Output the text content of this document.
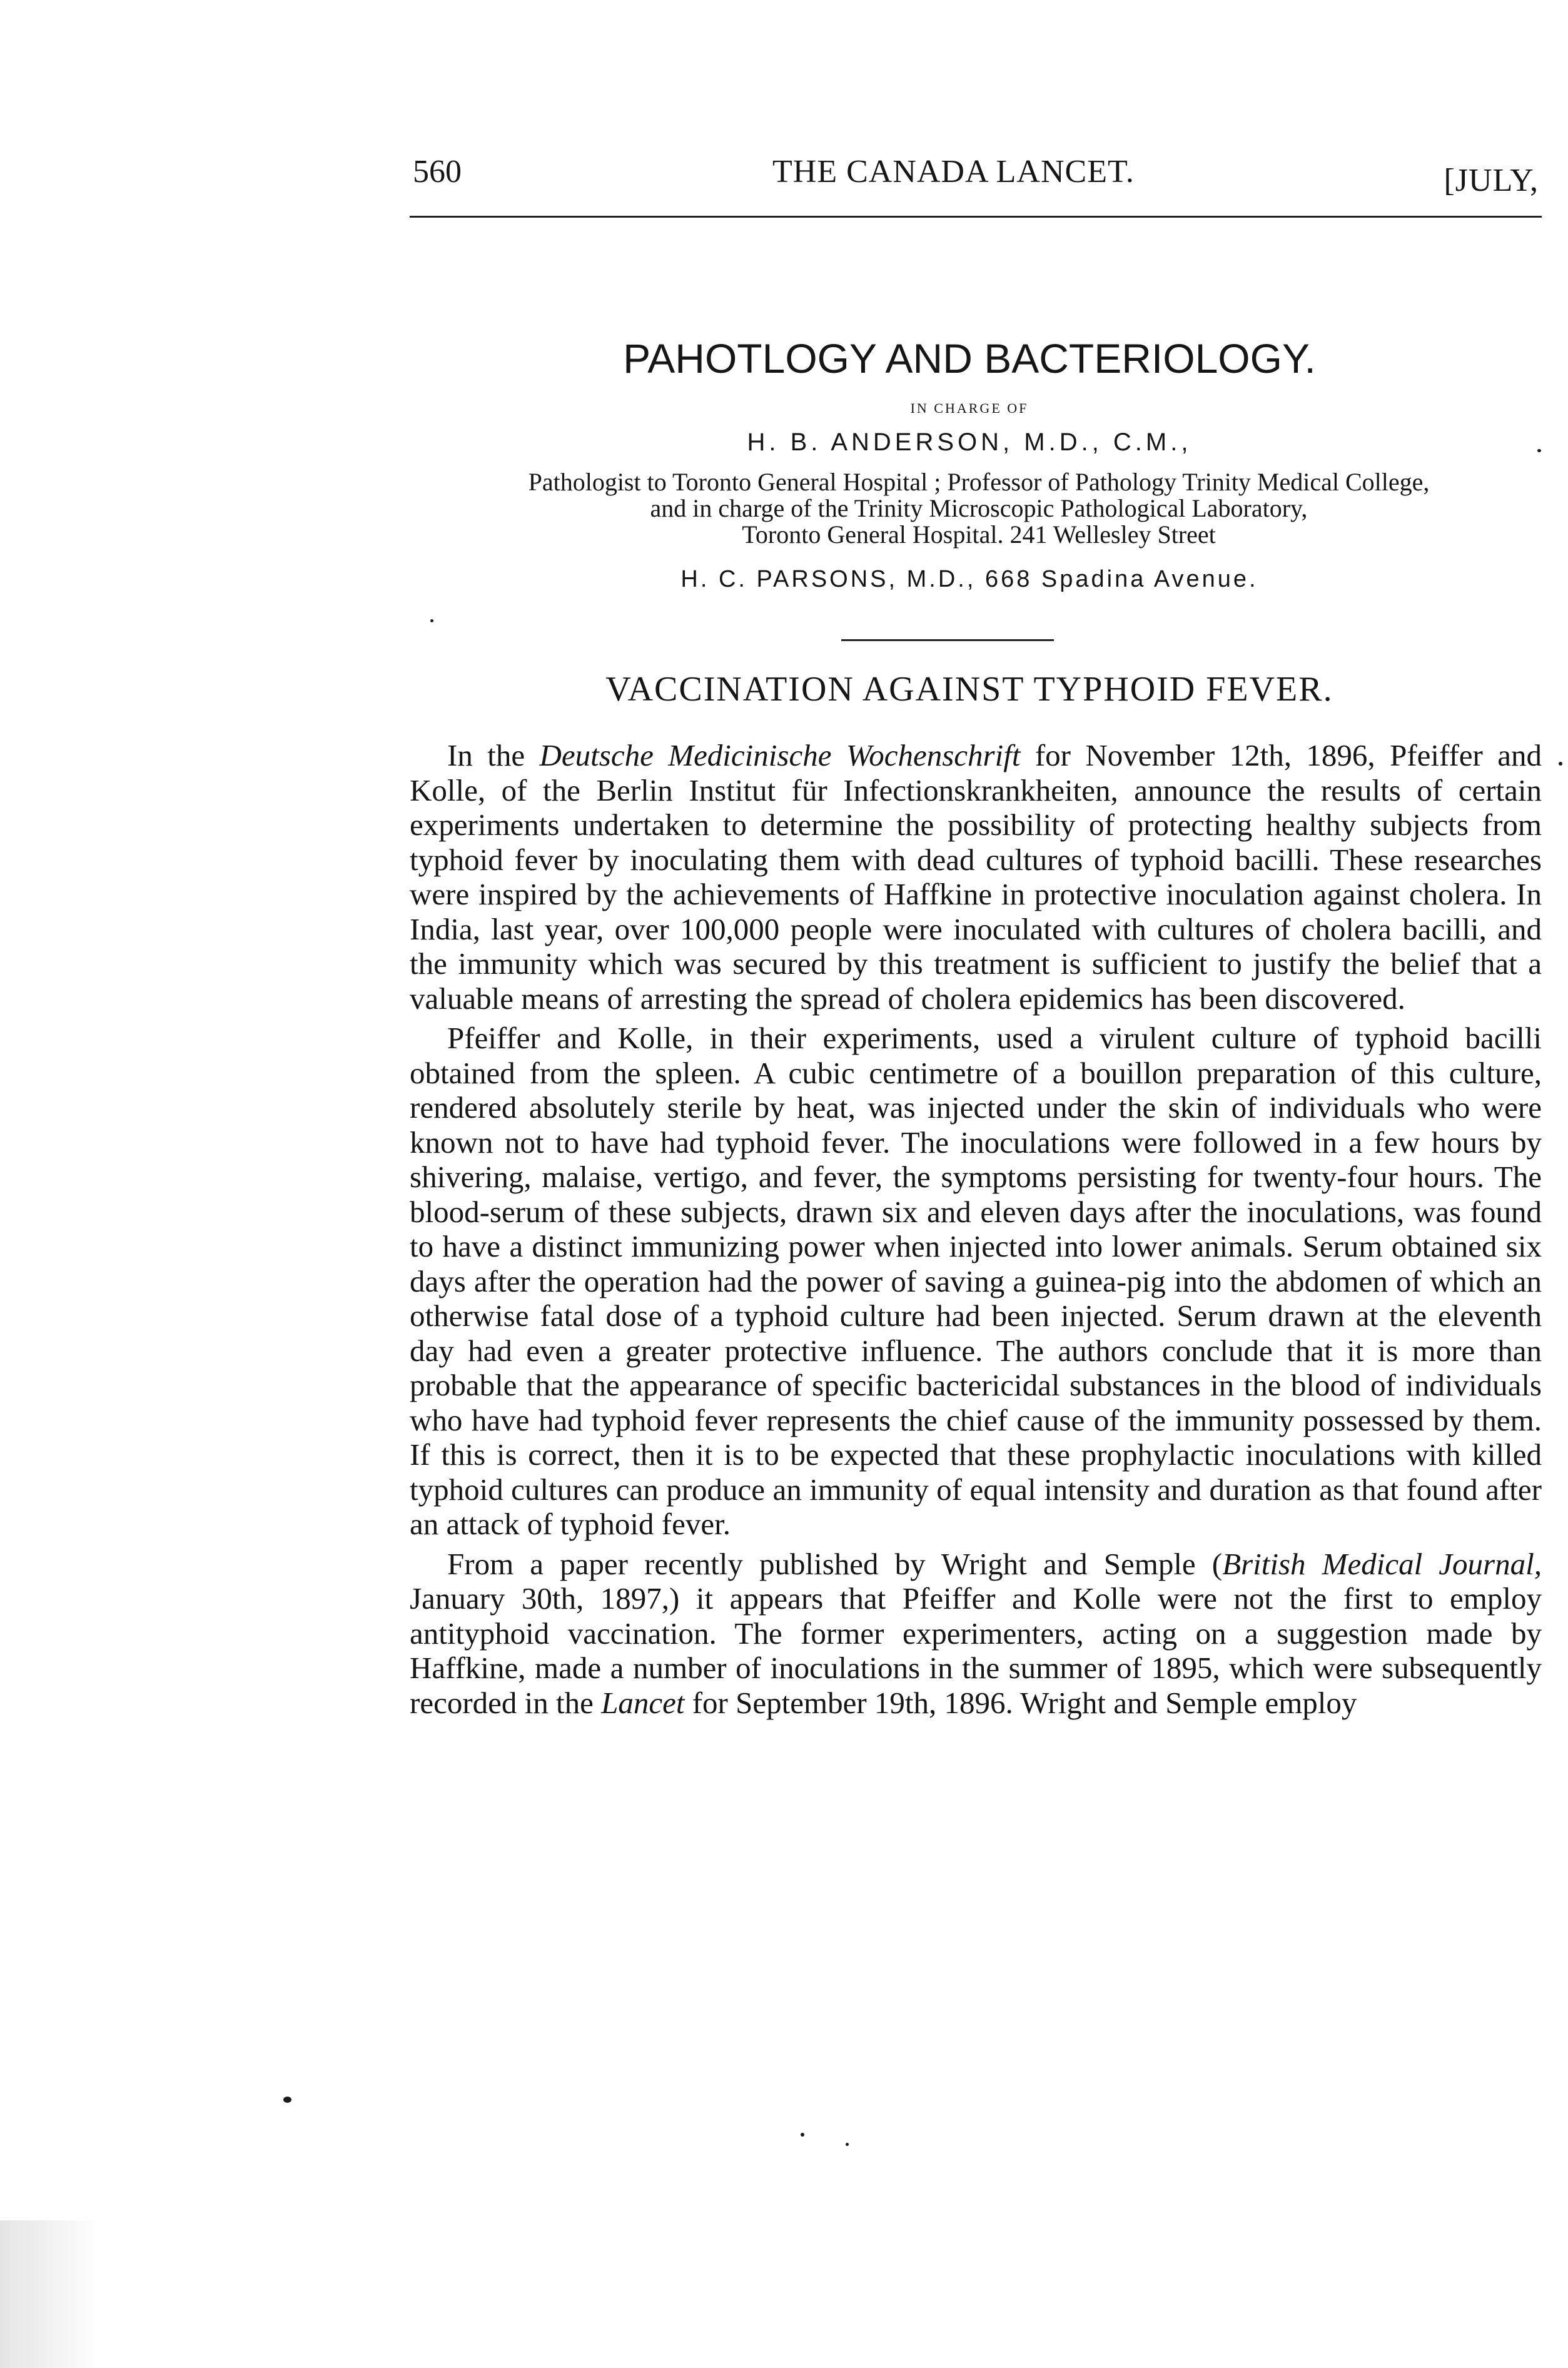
560	THE CANADA LANCET.	[JULY,
PAHOTLOGY AND BACTERIOLOGY.
IN CHARGE OF
H. B. ANDERSON, M.D., C.M.,
Pathologist to Toronto General Hospital ; Professor of Pathology Trinity Medical College,
and in charge of the Trinity Microscopic Pathological Laboratory,
Toronto General Hospital. 241 Wellesley Street
H. C. PARSONS, M.D., 668 Spadina Avenue.
VACCINATION AGAINST TYPHOID FEVER.

In the Deutsche Medicinische Wochenschrift for November 12th, 1896, Pfeiffer and Kolle, of the Berlin Institut für Infectionskrankheiten, announce the results of certain experiments undertaken to determine the possibility of protecting healthy subjects from typhoid fever by inoculating them with dead cultures of typhoid bacilli. These researches were inspired by the achievements of Haffkine in protective inoculation against cholera. In India, last year, over 100,000 people were inoculated with cultures of cholera bacilli, and the immunity which was secured by this treatment is sufficient to justify the belief that a valuable means of arresting the spread of cholera epidemics has been discovered.

Pfeiffer and Kolle, in their experiments, used a virulent culture of typhoid bacilli obtained from the spleen. A cubic centimetre of a bouillon preparation of this culture, rendered absolutely sterile by heat, was injected under the skin of individuals who were known not to have had typhoid fever. The inoculations were followed in a few hours by shivering, malaise, vertigo, and fever, the symptoms persisting for twenty-four hours. The blood-serum of these subjects, drawn six and eleven days after the inoculations, was found to have a distinct immunizing power when injected into lower animals. Serum obtained six days after the operation had the power of saving a guinea-pig into the abdomen of which an otherwise fatal dose of a typhoid culture had been injected. Serum drawn at the eleventh day had even a greater protective influence. The authors conclude that it is more than probable that the appearance of specific bactericidal substances in the blood of individuals who have had typhoid fever represents the chief cause of the immunity possessed by them. If this is correct, then it is to be expected that these prophylactic inoculations with killed typhoid cultures can produce an immunity of equal intensity and duration as that found after an attack of typhoid fever.

From a paper recently published by Wright and Semple (British Medical Journal, January 30th, 1897,) it appears that Pfeiffer and Kolle were not the first to employ antityphoid vaccination. The former experimenters, acting on a suggestion made by Haffkine, made a number of inoculations in the summer of 1895, which were subsequently recorded in the Lancet for September 19th, 1896. Wright and Semple employ
